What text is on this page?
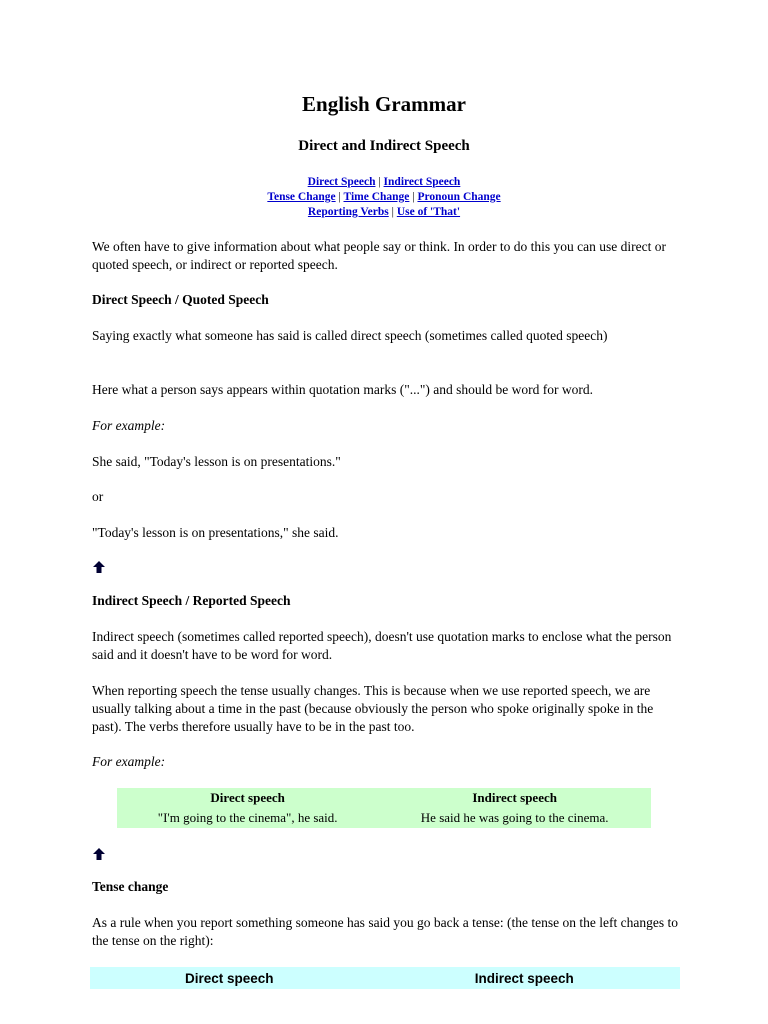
English Grammar
Direct and Indirect Speech
Direct Speech | Indirect Speech
Tense Change | Time Change | Pronoun Change
Reporting Verbs | Use of 'That'
We often have to give information about what people say or think. In order to do this you can use direct or quoted speech, or indirect or reported speech.
Direct Speech / Quoted Speech
Saying exactly what someone has said is called direct speech (sometimes called quoted speech)
Here what a person says appears within quotation marks ("...") and should be word for word.
For example:
She said, "Today's lesson is on presentations."
or
"Today's lesson is on presentations," she said.
Indirect Speech / Reported Speech
Indirect speech (sometimes called reported speech), doesn't use quotation marks to enclose what the person said and it doesn't have to be word for word.
When reporting speech the tense usually changes. This is because when we use reported speech, we are usually talking about a time in the past (because obviously the person who spoke originally spoke in the past). The verbs therefore usually have to be in the past too.
For example:
Direct speech	Indirect speech
"I'm going to the cinema", he said.	He said he was going to the cinema.
Tense change
As a rule when you report something someone has said you go back a tense: (the tense on the left changes to the tense on the right):
Direct speech	Indirect speech
